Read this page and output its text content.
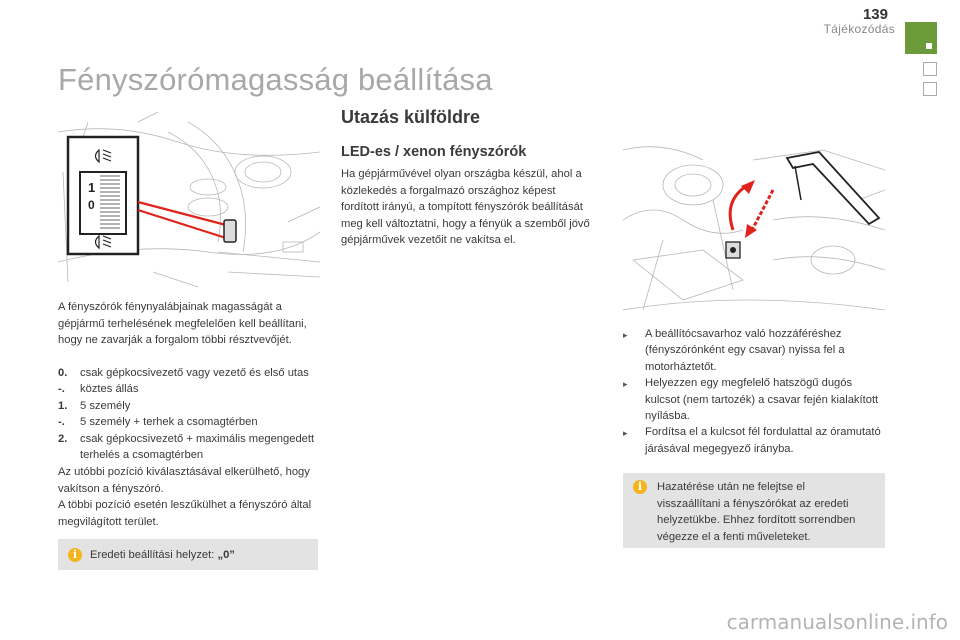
139
Tájékozódás
Fényszórómagasság beállítása
1
0
A fényszórók fénynyalábjainak magasságát a gépjármű terhelésének megfelelően kell beállítani, hogy ne zavarják a forgalom többi résztvevőjét.
0.	csak gépkocsivezető vagy vezető és első utas
-.	köztes állás
1.	5 személy
-.	5 személy + terhek a csomagtérben
2.	csak gépkocsivezető + maximális megengedett terhelés a csomagtérben
Az utóbbi pozíció kiválasztásával elkerülhető, hogy vakítson a fényszóró.
A többi pozíció esetén leszűkülhet a fényszóró által megvilágított terület.
i	Eredeti beállítási helyzet: „0”
Utazás külföldre
LED-es / xenon fényszórók
Ha gépjárművével olyan országba készül, ahol a közlekedés a forgalmazó országhoz képest fordított irányú, a tompított fényszórók beállítását meg kell változtatni, hogy a fényük a szemből jövő gépjárművek vezetőit ne vakítsa el.
▸	A beállítócsavarhoz való hozzáféréshez (fényszórónként egy csavar) nyissa fel a motorháztetőt.
▸	Helyezzen egy megfelelő hatszögű dugós kulcsot (nem tartozék) a csavar fején kialakított nyílásba.
▸	Fordítsa el a kulcsot fél fordulattal az óramutató járásával megegyező irányba.
i	Hazatérése után ne felejtse el visszaállítani a fényszórókat az eredeti helyzetükbe. Ehhez fordított sorrendben végezze el a fenti műveleteket.
carmanualsonline.info
